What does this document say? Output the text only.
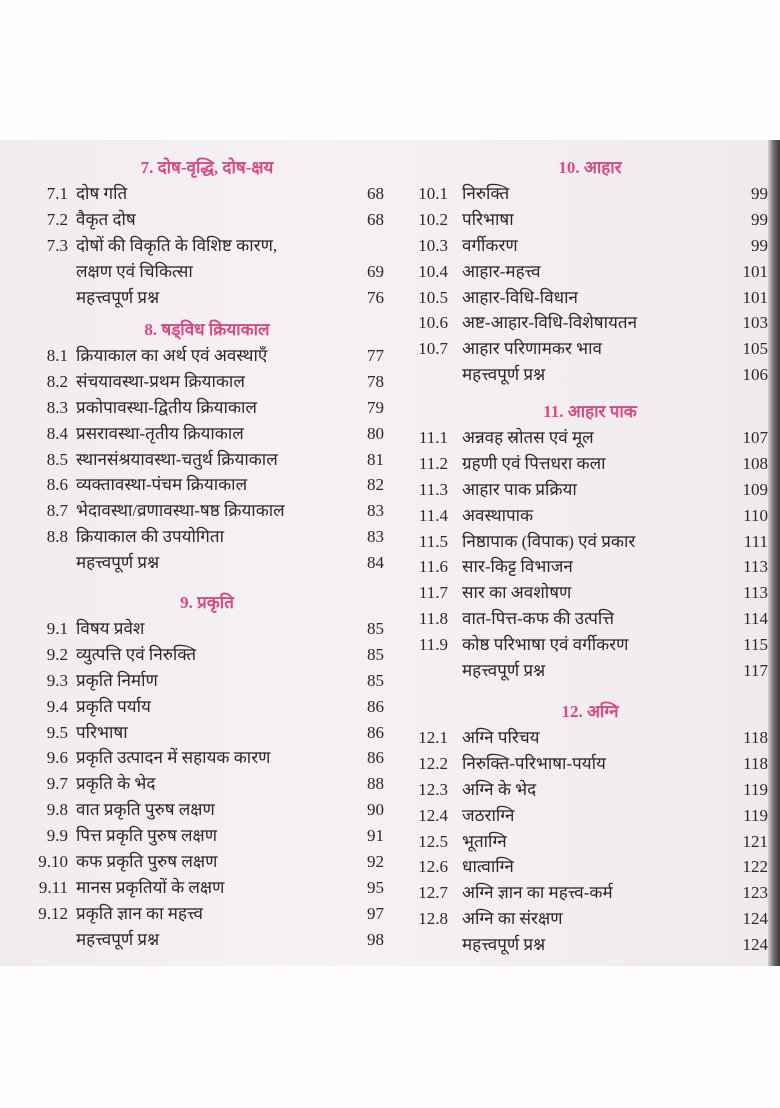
7. दोष-वृद्धि, दोष-क्षय
7.1 दोष गति	68
7.2 वैकृत दोष	68
7.3 दोषों की विकृति के विशिष्ट कारण,
लक्षण एवं चिकित्सा	69
महत्त्वपूर्ण प्रश्न	76
8. षड्विध क्रियाकाल
8.1 क्रियाकाल का अर्थ एवं अवस्थाएँ	77
8.2 संचयावस्था-प्रथम क्रियाकाल	78
8.3 प्रकोपावस्था-द्वितीय क्रियाकाल	79
8.4 प्रसरावस्था-तृतीय क्रियाकाल	80
8.5 स्थानसंश्रयावस्था-चतुर्थ क्रियाकाल	81
8.6 व्यक्तावस्था-पंचम क्रियाकाल	82
8.7 भेदावस्था/व्रणावस्था-षष्ठ क्रियाकाल	83
8.8 क्रियाकाल की उपयोगिता	83
महत्त्वपूर्ण प्रश्न	84
9. प्रकृति
9.1 विषय प्रवेश	85
9.2 व्युत्पत्ति एवं निरुक्ति	85
9.3 प्रकृति निर्माण	85
9.4 प्रकृति पर्याय	86
9.5 परिभाषा	86
9.6 प्रकृति उत्पादन में सहायक कारण	86
9.7 प्रकृति के भेद	88
9.8 वात प्रकृति पुरुष लक्षण	90
9.9 पित्त प्रकृति पुरुष लक्षण	91
9.10 कफ प्रकृति पुरुष लक्षण	92
9.11 मानस प्रकृतियों के लक्षण	95
9.12 प्रकृति ज्ञान का महत्त्व	97
महत्त्वपूर्ण प्रश्न	98
10. आहार
10.1 निरुक्ति	99
10.2 परिभाषा	99
10.3 वर्गीकरण	99
10.4 आहार-महत्त्व	101
10.5 आहार-विधि-विधान	101
10.6 अष्ट-आहार-विधि-विशेषायतन	103
10.7 आहार परिणामकर भाव	105
महत्त्वपूर्ण प्रश्न	106
11. आहार पाक
11.1 अन्नवह स्रोतस एवं मूल	107
11.2 ग्रहणी एवं पित्तधरा कला	108
11.3 आहार पाक प्रक्रिया	109
11.4 अवस्थापाक	110
11.5 निष्ठापाक (विपाक) एवं प्रकार	111
11.6 सार-किट्ट विभाजन	113
11.7 सार का अवशोषण	113
11.8 वात-पित्त-कफ की उत्पत्ति	114
11.9 कोष्ठ परिभाषा एवं वर्गीकरण	115
महत्त्वपूर्ण प्रश्न	117
12. अग्नि
12.1 अग्नि परिचय	118
12.2 निरुक्ति-परिभाषा-पर्याय	118
12.3 अग्नि के भेद	119
12.4 जठराग्नि	119
12.5 भूताग्नि	121
12.6 धात्वाग्नि	122
12.7 अग्नि ज्ञान का महत्त्व-कर्म	123
12.8 अग्नि का संरक्षण	124
महत्त्वपूर्ण प्रश्न	124
